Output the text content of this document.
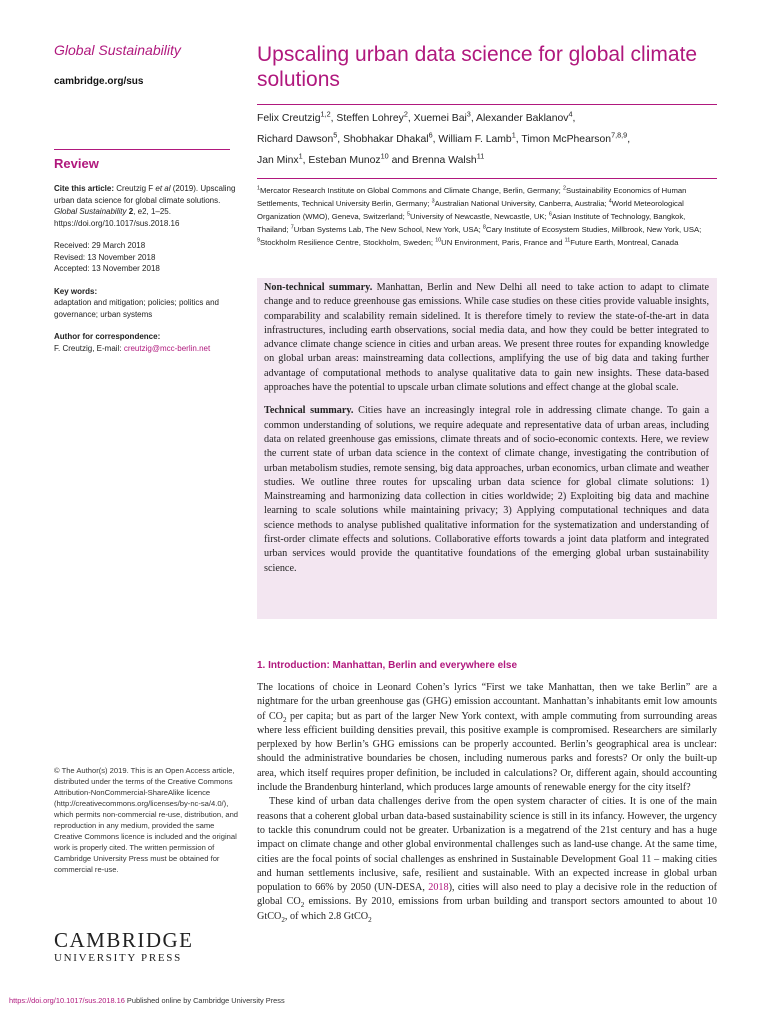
Global Sustainability
cambridge.org/sus
Review
Cite this article: Creutzig F et al (2019). Upscaling urban data science for global climate solutions. Global Sustainability 2, e2, 1–25. https://doi.org/10.1017/sus.2018.16
Received: 29 March 2018
Revised: 13 November 2018
Accepted: 13 November 2018
Key words:
adaptation and mitigation; policies; politics and governance; urban systems
Author for correspondence:
F. Creutzig, E-mail: creutzig@mcc-berlin.net
© The Author(s) 2019. This is an Open Access article, distributed under the terms of the Creative Commons Attribution-NonCommercial-ShareAlike licence (http://creativecommons.org/licenses/by-nc-sa/4.0/), which permits non-commercial re-use, distribution, and reproduction in any medium, provided the same Creative Commons licence is included and the original work is properly cited. The written permission of Cambridge University Press must be obtained for commercial re-use.
CAMBRIDGE
UNIVERSITY PRESS
Upscaling urban data science for global climate solutions
Felix Creutzig$^{1,2}$, Steffen Lohrey$^2$, Xuemei Bai$^3$, Alexander Baklanov$^4$,
Richard Dawson$^5$, Shobhakar Dhakal$^6$, William F. Lamb$^1$, Timon McPhearson$^{7,8,9}$,
Jan Minx$^1$, Esteban Munoz$^{10}$ and Brenna Walsh$^{11}$
$^1$Mercator Research Institute on Global Commons and Climate Change, Berlin, Germany; $^2$Sustainability Economics of Human Settlements, Technical University Berlin, Germany; $^3$Australian National University, Canberra, Australia; $^4$World Meteorological Organization (WMO), Geneva, Switzerland; $^5$University of Newcastle, Newcastle, UK; $^6$Asian Institute of Technology, Bangkok, Thailand; $^7$Urban Systems Lab, The New School, New York, USA; $^8$Cary Institute of Ecosystem Studies, Millbrook, New York, USA; $^9$Stockholm Resilience Centre, Stockholm, Sweden; $^{10}$UN Environment, Paris, France and $^{11}$Future Earth, Montreal, Canada

Non-technical summary. Manhattan, Berlin and New Delhi all need to take action to adapt to climate change and to reduce greenhouse gas emissions. While case studies on these cities provide valuable insights, comparability and scalability remain sidelined. It is therefore timely to review the state-of-the-art in data infrastructures, including earth observations, social media data, and how they could be better integrated to advance climate change science in cities and urban areas. We present three routes for expanding knowledge on global urban areas: mainstreaming data collections, amplifying the use of big data and taking further advantage of computational methods to analyse qualitative data to gain new insights. These data-based approaches have the potential to upscale urban climate solutions and effect change at the global scale.

Technical summary. Cities have an increasingly integral role in addressing climate change. To gain a common understanding of solutions, we require adequate and representative data of urban areas, including data on related greenhouse gas emissions, climate threats and of socio-economic contexts. Here, we review the current state of urban data science in the context of climate change, investigating the contribution of urban metabolism studies, remote sensing, big data approaches, urban economics, urban climate and weather studies. We outline three routes for upscaling urban data science for global climate solutions: 1) Mainstreaming and harmonizing data collection in cities worldwide; 2) Exploiting big data and machine learning to scale solutions while maintaining privacy; 3) Applying computational techniques and data science methods to analyse published qualitative information for the systematization and understanding of first-order climate effects and solutions. Collaborative efforts towards a joint data platform and integrated urban services would provide the quantitative foundations of the emerging global urban sustainability science.

1. Introduction: Manhattan, Berlin and everywhere else

The locations of choice in Leonard Cohen’s lyrics “First we take Manhattan, then we take Berlin” are a nightmare for the urban greenhouse gas (GHG) emission accountant. Manhattan’s inhabitants emit low amounts of $CO_2$ per capita; but as part of the larger New York context, with ample commuting from surrounding areas where less efficient building densities prevail, this positive example is compromised. Researchers are similarly perplexed by how Berlin’s GHG emissions can be properly accounted. Berlin’s geographical area is unclear: should the administrative boundaries be chosen, including numerous parks and forests? Or only the built-up area, which itself requires proper definition, be included in calculations? Or, different again, should accounting include the Brandenburg hinterland, which produces large amounts of renewable energy for the city itself?

These kind of urban data challenges derive from the open system character of cities. It is one of the main reasons that a coherent global urban data-based sustainability science is still in its infancy. However, the urgency to tackle this conundrum could not be greater. Urbanization is a megatrend of the 21st century and has a huge impact on climate change and other global environmental challenges such as land-use change. At the same time, cities are the focal points of social challenges as enshrined in Sustainable Development Goal 11 – making cities and human settlements inclusive, safe, resilient and sustainable. With an expected increase in global urban population to 66% by 2050 (UN-DESA, 2018), cities will also need to play a decisive role in the reduction of global $CO_2$ emissions. By 2010, emissions from urban building and transport sectors amounted to about 10 GtCO$_2$, of which 2.8 GtCO$_2$

https://doi.org/10.1017/sus.2018.16 Published online by Cambridge University Press
